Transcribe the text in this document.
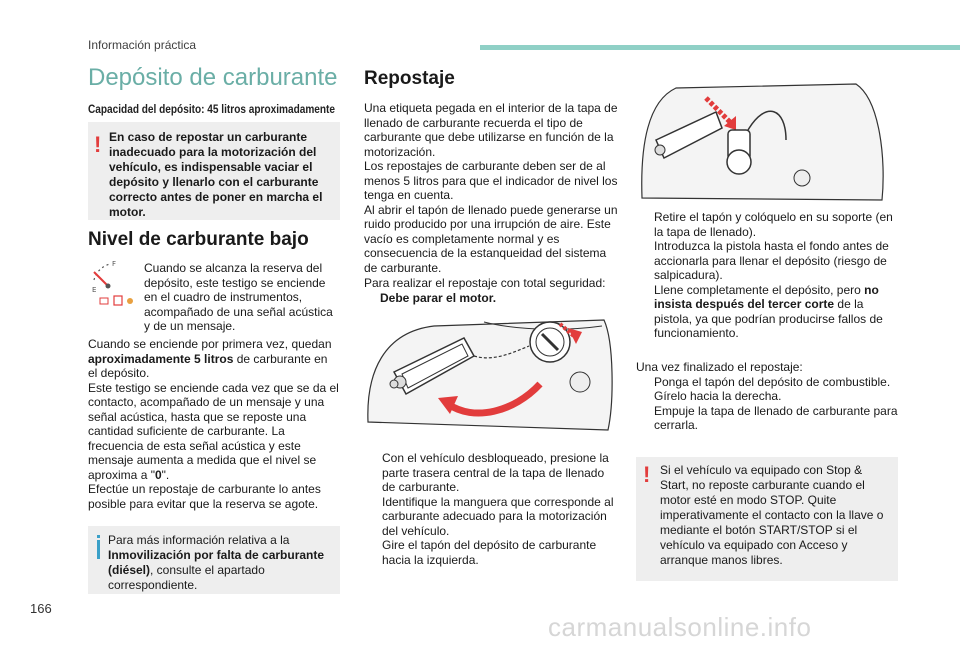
Información práctica
Depósito de carburante
Capacidad del depósito: 45 litros aproximadamente
! En caso de repostar un carburante inadecuado para la motorización del vehículo, es indispensable vaciar el depósito y llenarlo con el carburante correcto antes de poner en marcha el motor.
Nivel de carburante bajo
E
F Cuando se alcanza la reserva del depósito, este testigo se enciende en el cuadro de instrumentos, acompañado de una señal acústica y de un mensaje.
Cuando se enciende por primera vez, quedan aproximadamente 5 litros de carburante en el depósito.
Este testigo se enciende cada vez que se da el contacto, acompañado de un mensaje y una señal acústica, hasta que se reposte una cantidad suficiente de carburante. La frecuencia de esta señal acústica y este mensaje aumenta a medida que el nivel se aproxima a "0".
Efectúe un repostaje de carburante lo antes posible para evitar que la reserva se agote.
Para más información relativa a la Inmovilización por falta de carburante (diésel), consulte el apartado correspondiente.
Repostaje
Una etiqueta pegada en el interior de la tapa de llenado de carburante recuerda el tipo de carburante que debe utilizarse en función de la motorización.
Los repostajes de carburante deben ser de al menos 5 litros para que el indicador de nivel los tenga en cuenta.
Al abrir el tapón de llenado puede generarse un ruido producido por una irrupción de aire. Este vacío es completamente normal y es consecuencia de la estanqueidad del sistema de carburante.
Para realizar el repostaje con total seguridad:
Debe parar el motor.
Con el vehículo desbloqueado, presione la parte trasera central de la tapa de llenado de carburante.
Identifique la manguera que corresponde al carburante adecuado para la motorización del vehículo.
Gire el tapón del depósito de carburante hacia la izquierda.
Retire el tapón y colóquelo en su soporte (en la tapa de llenado).
Introduzca la pistola hasta el fondo antes de accionarla para llenar el depósito (riesgo de salpicadura).
Llene completamente el depósito, pero no insista después del tercer corte de la pistola, ya que podrían producirse fallos de funcionamiento.
Una vez finalizado el repostaje:
Ponga el tapón del depósito de combustible.
Gírelo hacia la derecha.
Empuje la tapa de llenado de carburante para cerrarla.
! Si el vehículo va equipado con Stop & Start, no reposte carburante cuando el motor esté en modo STOP. Quite imperativamente el contacto con la llave o mediante el botón START/STOP si el vehículo va equipado con Acceso y arranque manos libres.
166
carmanualsonline.info
